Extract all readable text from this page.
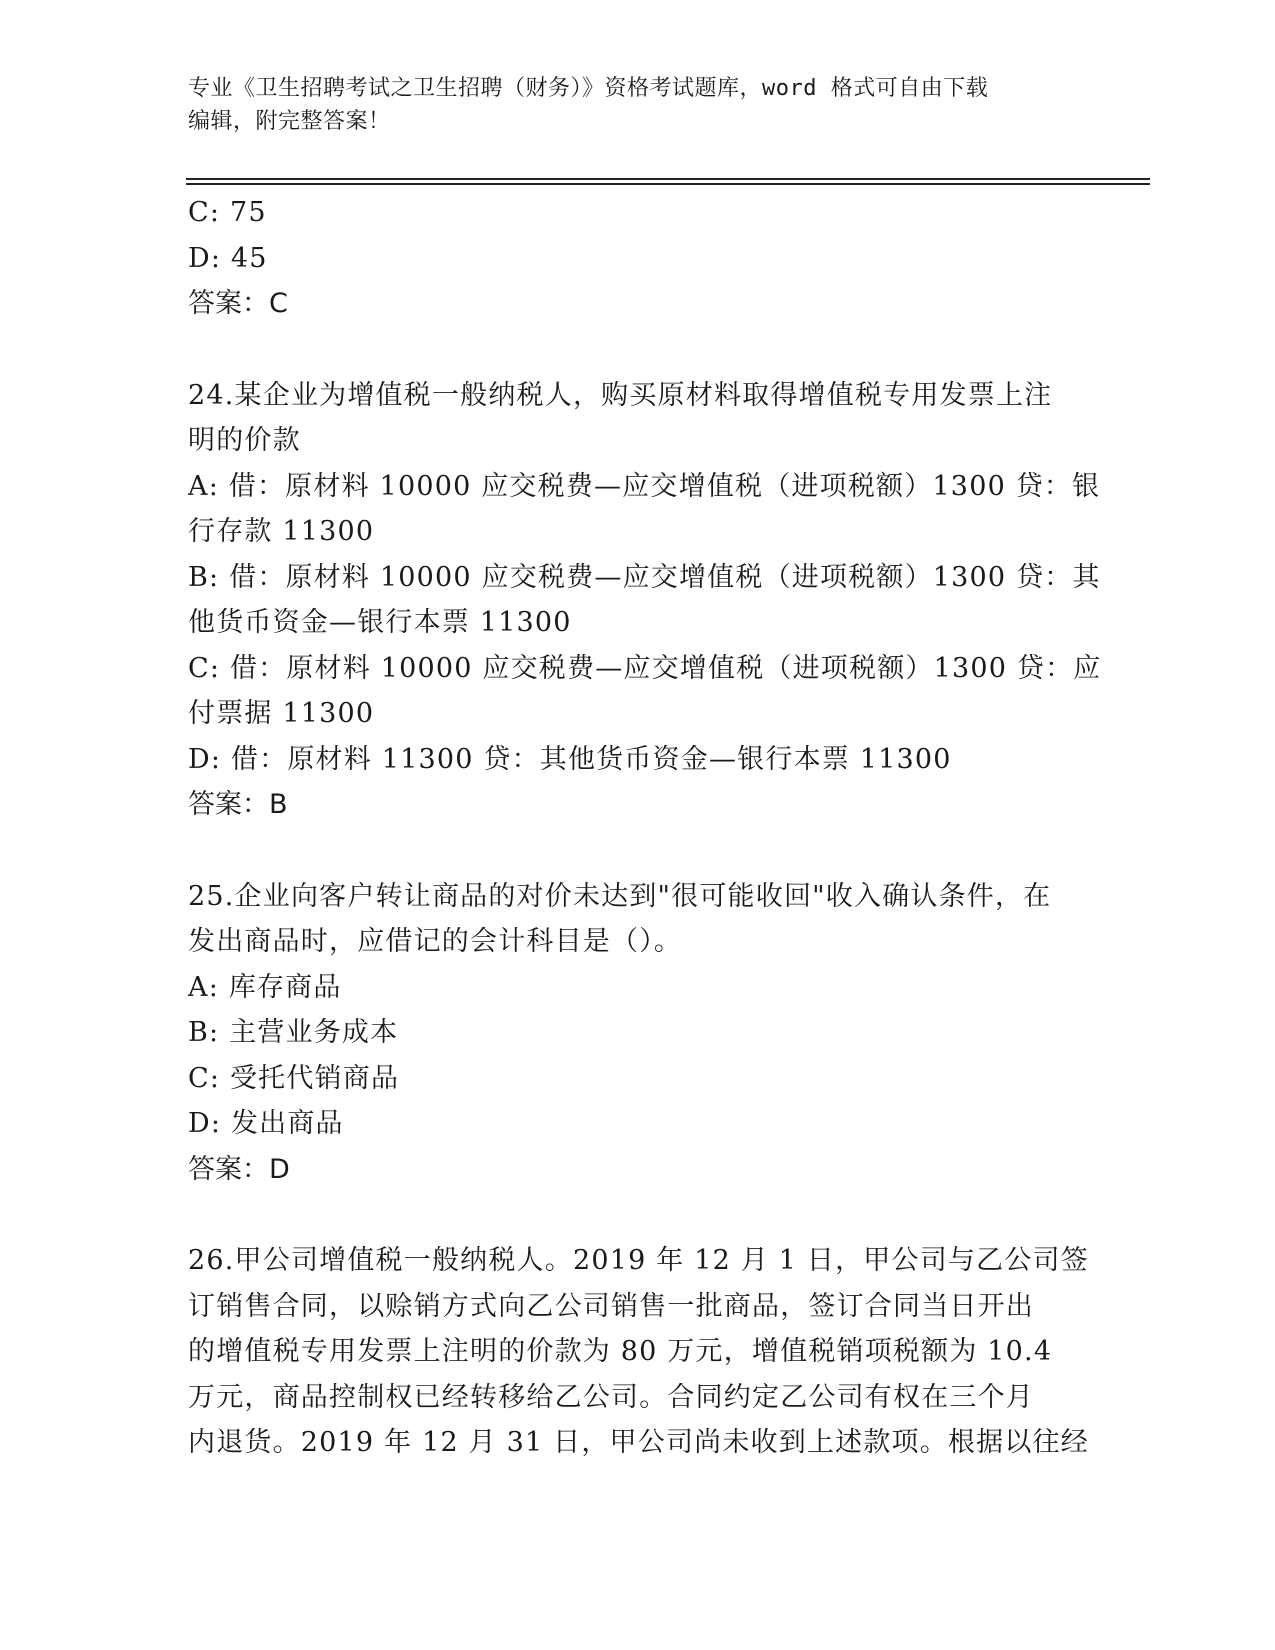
专业《卫生招聘考试之卫生招聘（财务）》资格考试题库，word 格式可自由下载
编辑，附完整答案！
C: 75
D: 45
答案：C
24.某企业为增值税一般纳税人，购买原材料取得增值税专用发票上注
明的价款
A: 借：原材料 10000 应交税费—应交增值税（进项税额）1300 贷：银
行存款 11300
B: 借：原材料 10000 应交税费—应交增值税（进项税额）1300 贷：其
他货币资金—银行本票 11300
C: 借：原材料 10000 应交税费—应交增值税（进项税额）1300 贷：应
付票据 11300
D: 借：原材料 11300 贷：其他货币资金—银行本票 11300
答案：B
25.企业向客户转让商品的对价未达到"很可能收回"收入确认条件，在
发出商品时，应借记的会计科目是（）。
A: 库存商品
B: 主营业务成本
C: 受托代销商品
D: 发出商品
答案：D
26.甲公司增值税一般纳税人。2019 年 12 月 1 日，甲公司与乙公司签
订销售合同，以赊销方式向乙公司销售一批商品，签订合同当日开出
的增值税专用发票上注明的价款为 80 万元，增值税销项税额为 10.4
万元，商品控制权已经转移给乙公司。合同约定乙公司有权在三个月
内退货。2019 年 12 月 31 日，甲公司尚未收到上述款项。根据以往经
